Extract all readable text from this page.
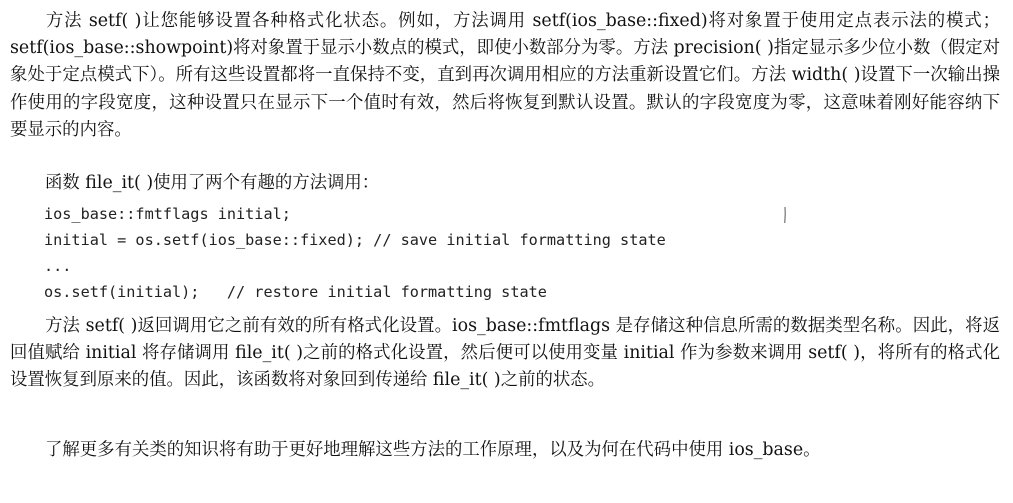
方法 setf( )让您能够设置各种格式化状态。例如，方法调用 setf(ios_base::fixed)将对象置于使用定点表示法的模式；setf(ios_base::showpoint)将对象置于显示小数点的模式，即使小数部分为零。方法 precision( )指定显示多少位小数（假定对象处于定点模式下）。所有这些设置都将一直保持不变，直到再次调用相应的方法重新设置它们。方法 width( )设置下一次输出操作使用的字段宽度，这种设置只在显示下一个值时有效，然后将恢复到默认设置。默认的字段宽度为零，这意味着刚好能容纳下要显示的内容。

函数 file_it( )使用了两个有趣的方法调用：

ios_base::fmtflags initial;
initial = os.setf(ios_base::fixed); // save initial formatting state
...
os.setf(initial);   // restore initial formatting state

方法 setf( )返回调用它之前有效的所有格式化设置。ios_base::fmtflags 是存储这种信息所需的数据类型名称。因此，将返回值赋给 initial 将存储调用 file_it( )之前的格式化设置，然后便可以使用变量 initial 作为参数来调用 setf( )，将所有的格式化设置恢复到原来的值。因此，该函数将对象回到传递给 file_it( )之前的状态。

了解更多有关类的知识将有助于更好地理解这些方法的工作原理，以及为何在代码中使用 ios_base。
